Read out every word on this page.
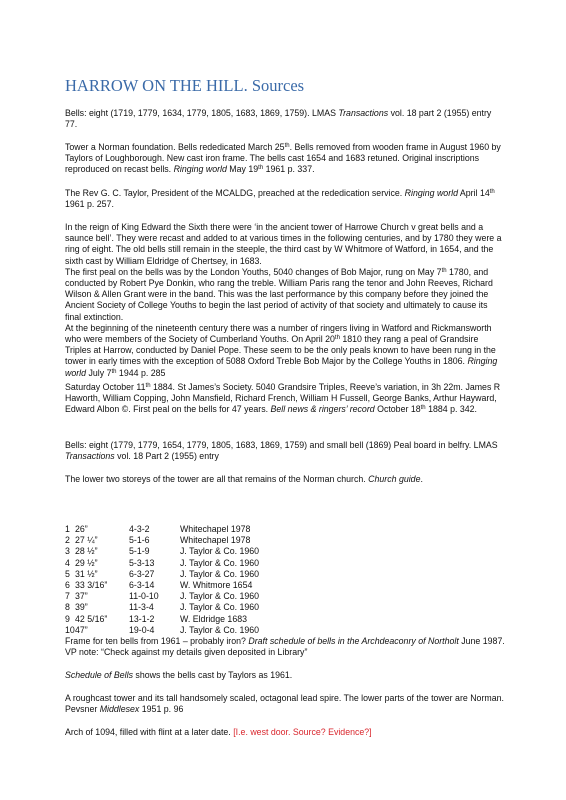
HARROW ON THE HILL. Sources

Bells: eight (1719, 1779, 1634, 1779, 1805, 1683, 1869, 1759). LMAS Transactions vol. 18 part 2 (1955) entry 77.

Tower a Norman foundation. Bells rededicated March 25th. Bells removed from wooden frame in August 1960 by Taylors of Loughborough. New cast iron frame. The bells cast 1654 and 1683 retuned. Original inscriptions reproduced on recast bells. Ringing world May 19th 1961 p. 337.

The Rev G. C. Taylor, President of the MCALDG, preached at the rededication service. Ringing world April 14th 1961 p. 257.

In the reign of King Edward the Sixth there were ‘in the ancient tower of Harrowe Church v great bells and a saunce bell’. They were recast and added to at various times in the following centuries, and by 1780 they were a ring of eight. The old bells still remain in the steeple, the third cast by W Whitmore of Watford, in 1654, and the sixth cast by William Eldridge of Chertsey, in 1683.
The first peal on the bells was by the London Youths, 5040 changes of Bob Major, rung on May 7th 1780, and conducted by Robert Pye Donkin, who rang the treble. William Paris rang the tenor and John Reeves, Richard Wilson & Allen Grant were in the band. This was the last performance by this company before they joined the Ancient Society of College Youths to begin the last period of activity of that society and ultimately to cause its final extinction.
At the beginning of the nineteenth century there was a number of ringers living in Watford and Rickmansworth who were members of the Society of Cumberland Youths. On April 20th 1810 they rang a peal of Grandsire Triples at Harrow, conducted by Daniel Pope. These seem to be the only peals known to have been rung in the tower in early times with the exception of 5088 Oxford Treble Bob Major by the College Youths in 1806. Ringing world July 7th 1944 p. 285

Saturday October 11th 1884. St James’s Society. 5040 Grandsire Triples, Reeve’s variation, in 3h 22m. James R Haworth, William Copping, John Mansfield, Richard French, William H Fussell, George Banks, Arthur Hayward, Edward Albon ©. First peal on the bells for 47 years. Bell news & ringers’ record October 18th 1884 p. 342.

Bells: eight (1779, 1779, 1654, 1779, 1805, 1683, 1869, 1759) and small bell (1869) Peal board in belfry. LMAS Transactions vol. 18 Part 2 (1955) entry

The lower two storeys of the tower are all that remains of the Norman church. Church guide.

1 26”	4-3-2	Whitechapel 1978
2 27 ¼”	5-1-6	Whitechapel 1978
3 28 ½”	5-1-9	J. Taylor & Co. 1960
4 29 ½”	5-3-13	J. Taylor & Co. 1960
5 31 ½”	6-3-27	J. Taylor & Co. 1960
6 33 3/16” 6-3-14	W. Whitmore 1654
7 37”	11-0-10 J. Taylor & Co. 1960
8 39”	11-3-4	J. Taylor & Co. 1960
9 42 5/16” 13-1-2	W. Eldridge 1683
10 47”	19-0-4	J. Taylor & Co. 1960

Frame for ten bells from 1961 – probably iron? Draft schedule of bells in the Archdeaconry of Northolt June 1987. VP note: “Check against my details given deposited in Library”

Schedule of Bells shows the bells cast by Taylors as 1961.

A roughcast tower and its tall handsomely scaled, octagonal lead spire. The lower parts of the tower are Norman. Pevsner Middlesex 1951 p. 96

Arch of 1094, filled with flint at a later date. [I.e. west door. Source? Evidence?]
